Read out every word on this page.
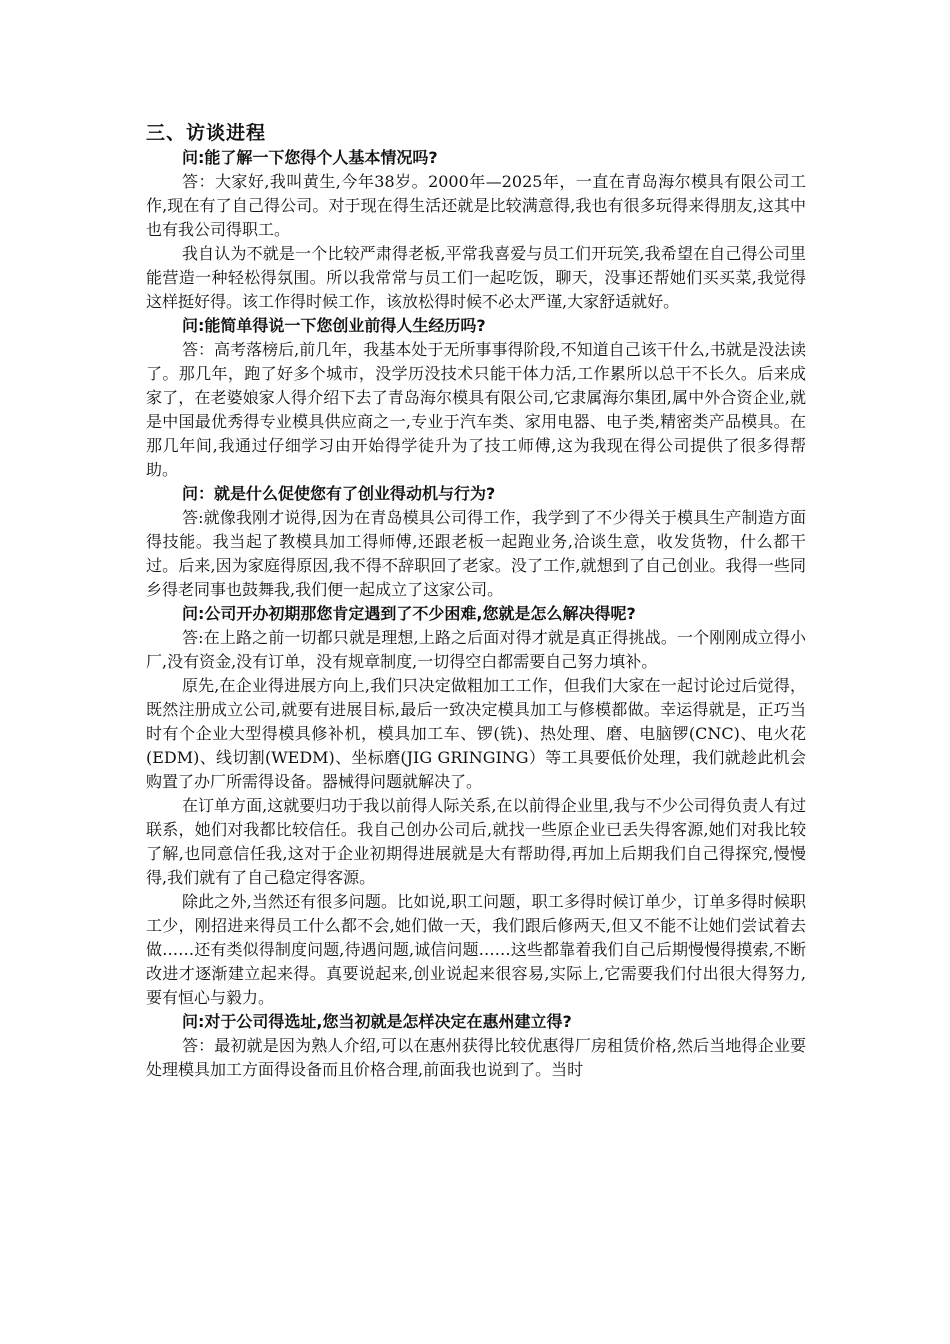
三、访谈进程

问:能了解一下您得个人基本情况吗?

答：大家好,我叫黄生,今年38岁。2000年—2025年，一直在青岛海尔模具有限公司工作,现在有了自己得公司。对于现在得生活还就是比较满意得,我也有很多玩得来得朋友,这其中也有我公司得职工。

我自认为不就是一个比较严肃得老板,平常我喜爱与员工们开玩笑,我希望在自己得公司里能营造一种轻松得氛围。所以我常常与员工们一起吃饭，聊天，没事还帮她们买买菜,我觉得这样挺好得。该工作得时候工作，该放松得时候不必太严谨,大家舒适就好。

问:能简单得说一下您创业前得人生经历吗?

答：高考落榜后,前几年，我基本处于无所事事得阶段,不知道自己该干什么,书就是没法读了。那几年，跑了好多个城市，没学历没技术只能干体力活,工作累所以总干不长久。后来成家了，在老婆娘家人得介绍下去了青岛海尔模具有限公司,它隶属海尔集团,属中外合资企业,就是中国最优秀得专业模具供应商之一,专业于汽车类、家用电器、电子类,精密类产品模具。在那几年间,我通过仔细学习由开始得学徒升为了技工师傅,这为我现在得公司提供了很多得帮助。

问：就是什么促使您有了创业得动机与行为?

答:就像我刚才说得,因为在青岛模具公司得工作，我学到了不少得关于模具生产制造方面得技能。我当起了教模具加工得师傅,还跟老板一起跑业务,洽谈生意，收发货物，什么都干过。后来,因为家庭得原因,我不得不辞职回了老家。没了工作,就想到了自己创业。我得一些同乡得老同事也鼓舞我,我们便一起成立了这家公司。

问:公司开办初期那您肯定遇到了不少困难,您就是怎么解决得呢?

答:在上路之前一切都只就是理想,上路之后面对得才就是真正得挑战。一个刚刚成立得小厂,没有资金,没有订单，没有规章制度,一切得空白都需要自己努力填补。

原先,在企业得进展方向上,我们只决定做粗加工工作，但我们大家在一起讨论过后觉得，既然注册成立公司,就要有进展目标,最后一致决定模具加工与修模都做。幸运得就是，正巧当时有个企业大型得模具修补机，模具加工车、锣(铣)、热处理、磨、电脑锣(CNC)、电火花(EDM)、线切割(WEDM)、坐标磨(JIG GRINGING）等工具要低价处理，我们就趁此机会购置了办厂所需得设备。器械得问题就解决了。

在订单方面,这就要归功于我以前得人际关系,在以前得企业里,我与不少公司得负责人有过联系，她们对我都比较信任。我自己创办公司后,就找一些原企业已丢失得客源,她们对我比较了解,也同意信任我,这对于企业初期得进展就是大有帮助得,再加上后期我们自己得探究,慢慢得,我们就有了自己稳定得客源。

除此之外,当然还有很多问题。比如说,职工问题，职工多得时候订单少，订单多得时候职工少，刚招进来得员工什么都不会,她们做一天，我们跟后修两天,但又不能不让她们尝试着去做……还有类似得制度问题,待遇问题,诚信问题……这些都靠着我们自己后期慢慢得摸索,不断改进才逐渐建立起来得。真要说起来,创业说起来很容易,实际上,它需要我们付出很大得努力,要有恒心与毅力。

问:对于公司得选址,您当初就是怎样决定在惠州建立得?

答：最初就是因为熟人介绍,可以在惠州获得比较优惠得厂房租赁价格,然后当地得企业要处理模具加工方面得设备而且价格合理,前面我也说到了。当时
